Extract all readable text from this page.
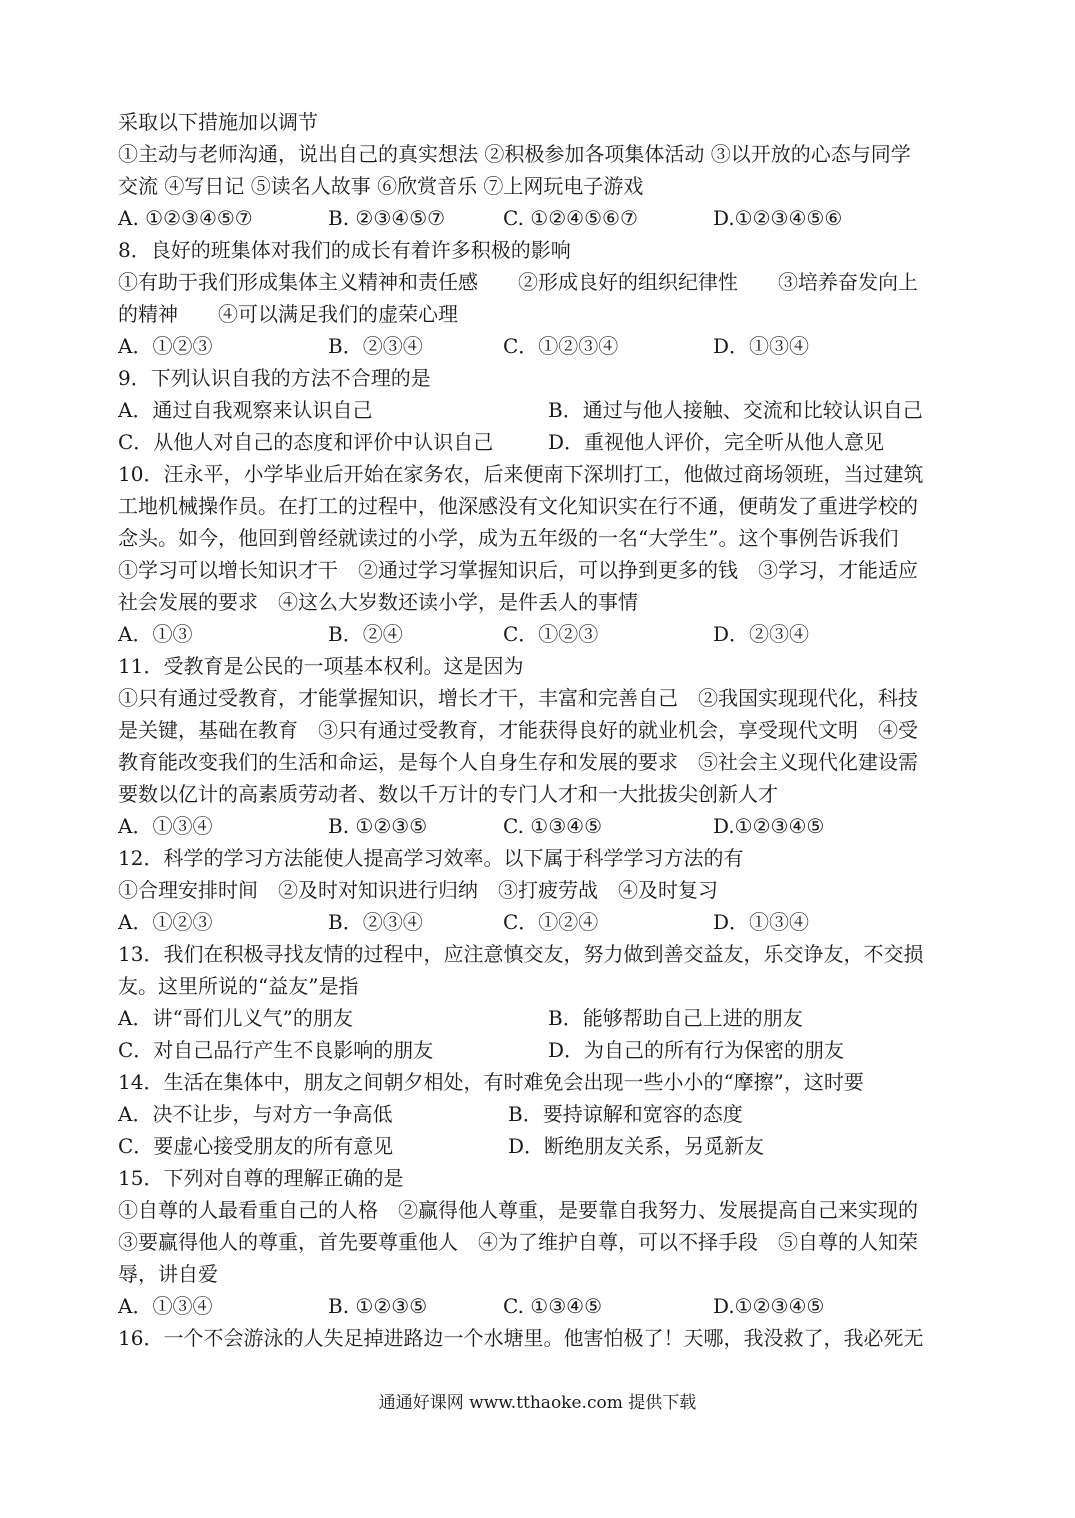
采取以下措施加以调节
①主动与老师沟通，说出自己的真实想法 ②积极参加各项集体活动 ③以开放的心态与同学
交流 ④写日记 ⑤读名人故事 ⑥欣赏音乐 ⑦上网玩电子游戏
A. ①②③④⑤⑦	B. ②③④⑤⑦	C. ①②④⑤⑥⑦	D.①②③④⑤⑥
8．良好的班集体对我们的成长有着许多积极的影响
①有助于我们形成集体主义精神和责任感　　②形成良好的组织纪律性　　③培养奋发向上
的精神　　④可以满足我们的虚荣心理
A．①②③	B．②③④	C．①②③④	D．①③④
9．下列认识自我的方法不合理的是
A．通过自我观察来认识自己	B．通过与他人接触、交流和比较认识自己
C．从他人对自己的态度和评价中认识自己	D．重视他人评价，完全听从他人意见
10．汪永平，小学毕业后开始在家务农，后来便南下深圳打工，他做过商场领班，当过建筑
工地机械操作员。在打工的过程中，他深感没有文化知识实在行不通，便萌发了重进学校的
念头。如今，他回到曾经就读过的小学，成为五年级的一名“大学生”。这个事例告诉我们
①学习可以增长知识才干　②通过学习掌握知识后，可以挣到更多的钱　③学习，才能适应
社会发展的要求　④这么大岁数还读小学，是件丢人的事情
A．①③	B．②④	C．①②③	D．②③④
11．受教育是公民的一项基本权利。这是因为
①只有通过受教育，才能掌握知识，增长才干，丰富和完善自己　②我国实现现代化，科技
是关键，基础在教育　③只有通过受教育，才能获得良好的就业机会，享受现代文明　④受
教育能改变我们的生活和命运，是每个人自身生存和发展的要求　⑤社会主义现代化建设需
要数以亿计的高素质劳动者、数以千万计的专门人才和一大批拔尖创新人才
A．①③④	B. ①②③⑤	C. ①③④⑤	D.①②③④⑤
12．科学的学习方法能使人提高学习效率。以下属于科学学习方法的有
①合理安排时间　②及时对知识进行归纳　③打疲劳战　④及时复习
A．①②③	B．②③④	C．①②④	D．①③④
13．我们在积极寻找友情的过程中，应注意慎交友，努力做到善交益友，乐交诤友，不交损
友。这里所说的“益友”是指
A．讲“哥们儿义气”的朋友	B．能够帮助自己上进的朋友
C．对自己品行产生不良影响的朋友	D．为自己的所有行为保密的朋友
14．生活在集体中，朋友之间朝夕相处，有时难免会出现一些小小的“摩擦”，这时要
A．决不让步，与对方一争高低	B．要持谅解和宽容的态度
C．要虚心接受朋友的所有意见	D．断绝朋友关系，另觅新友
15．下列对自尊的理解正确的是
①自尊的人最看重自己的人格　②赢得他人尊重，是要靠自我努力、发展提高自己来实现的
③要赢得他人的尊重，首先要尊重他人　④为了维护自尊，可以不择手段　⑤自尊的人知荣
辱，讲自爱
A．①③④	B. ①②③⑤	C. ①③④⑤	D.①②③④⑤
16．一个不会游泳的人失足掉进路边一个水塘里。他害怕极了！天哪，我没救了，我必死无
通通好课网 www.tthaoke.com 提供下载
